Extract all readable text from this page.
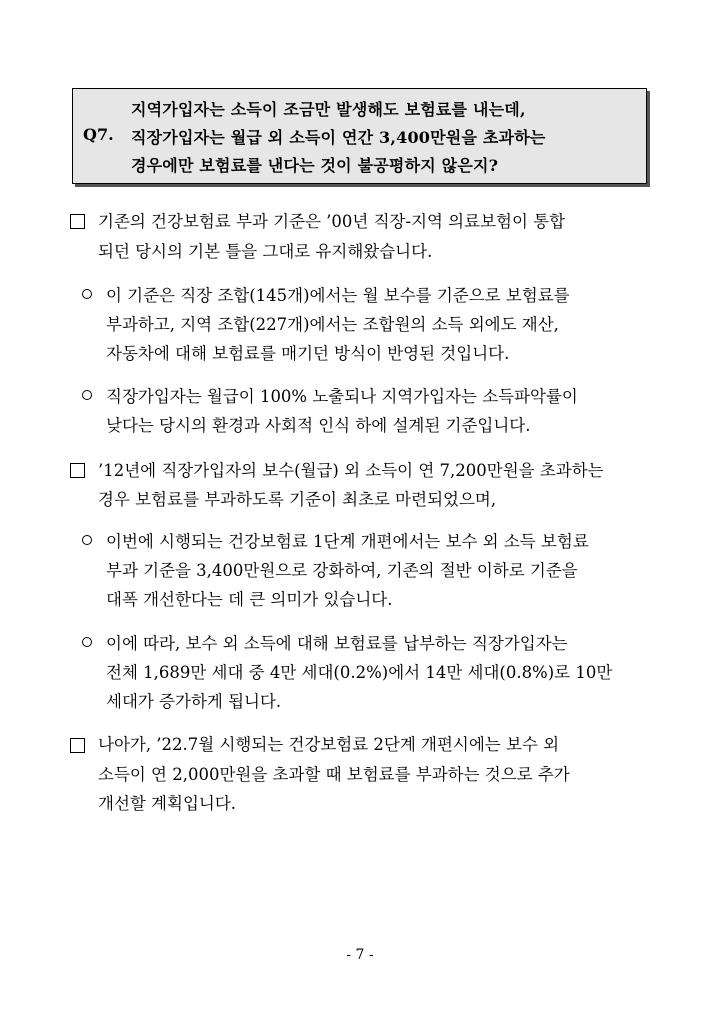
Q7.
지역가입자는 소득이 조금만 발생해도 보험료를 내는데,
직장가입자는 월급 외 소득이 연간 3,400만원을 초과하는
경우에만 보험료를 낸다는 것이 불공평하지 않은지?
기존의 건강보험료 부과 기준은 ’00년 직장-지역 의료보험이 통합
되던 당시의 기본 틀을 그대로 유지해왔습니다.
이 기준은 직장 조합(145개)에서는 월 보수를 기준으로 보험료를
부과하고, 지역 조합(227개)에서는 조합원의 소득 외에도 재산,
자동차에 대해 보험료를 매기던 방식이 반영된 것입니다.
직장가입자는 월급이 100% 노출되나 지역가입자는 소득파악률이
낮다는 당시의 환경과 사회적 인식 하에 설계된 기준입니다.
’12년에 직장가입자의 보수(월급) 외 소득이 연 7,200만원을 초과하는
경우 보험료를 부과하도록 기준이 최초로 마련되었으며,
이번에 시행되는 건강보험료 1단계 개편에서는 보수 외 소득 보험료
부과 기준을 3,400만원으로 강화하여, 기존의 절반 이하로 기준을
대폭 개선한다는 데 큰 의미가 있습니다.
이에 따라, 보수 외 소득에 대해 보험료를 납부하는 직장가입자는
전체 1,689만 세대 중 4만 세대(0.2%)에서 14만 세대(0.8%)로 10만
세대가 증가하게 됩니다.
나아가, ’22.7월 시행되는 건강보험료 2단계 개편시에는 보수 외
소득이 연 2,000만원을 초과할 때 보험료를 부과하는 것으로 추가
개선할 계획입니다.
- 7 -
